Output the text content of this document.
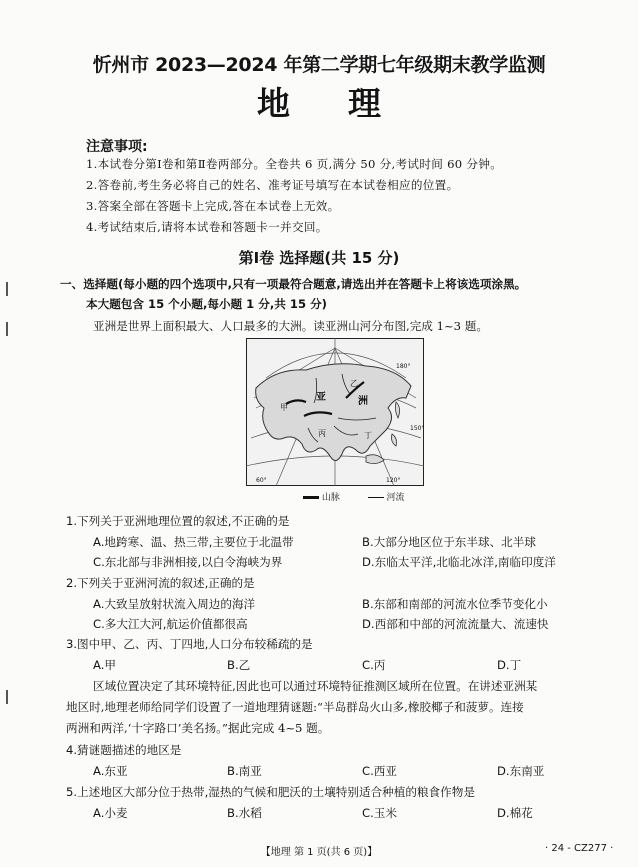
忻州市 2023—2024 年第二学期七年级期末教学监测
地理
注意事项:
1.本试卷分第Ⅰ卷和第Ⅱ卷两部分。全卷共 6 页,满分 50 分,考试时间 60 分钟。
2.答卷前,考生务必将自己的姓名、准考证号填写在本试卷相应的位置。
3.答案全部在答题卡上完成,答在本试卷上无效。
4.考试结束后,请将本试卷和答题卡一并交回。
第Ⅰ卷 选择题(共 15 分)
一、选择题(每小题的四个选项中,只有一项最符合题意,请选出并在答题卡上将该选项涂黑。
本大题包含 15 个小题,每小题 1 分,共 15 分)
亚洲是世界上面积最大、人口最多的大洲。读亚洲山河分布图,完成 1~3 题。
亚	洲
甲
乙
丙	丁
180°
150°
120°
60°
山脉	河流
1.下列关于亚洲地理位置的叙述,不正确的是
A.地跨寒、温、热三带,主要位于北温带	B.大部分地区位于东半球、北半球
C.东北部与非洲相接,以白令海峡为界	D.东临太平洋,北临北冰洋,南临印度洋
2.下列关于亚洲河流的叙述,正确的是
A.大致呈放射状流入周边的海洋	B.东部和南部的河流水位季节变化小
C.多大江大河,航运价值都很高	D.西部和中部的河流流量大、流速快
3.图中甲、乙、丙、丁四地,人口分布较稀疏的是
A.甲	B.乙	C.丙	D.丁
区域位置决定了其环境特征,因此也可以通过环境特征推测区域所在位置。在讲述亚洲某
地区时,地理老师给同学们设置了一道地理猜谜题:“半岛群岛火山多,橡胶椰子和菠萝。连接
两洲和两洋,‘十字路口’美名扬。”据此完成 4~5 题。
4.猜谜题描述的地区是
A.东亚	B.南亚	C.西亚	D.东南亚
5.上述地区大部分位于热带,湿热的气候和肥沃的土壤特别适合种植的粮食作物是
A.小麦	B.水稻	C.玉米	D.棉花
【地理 第 1 页(共 6 页)】	· 24 - CZ277 ·
